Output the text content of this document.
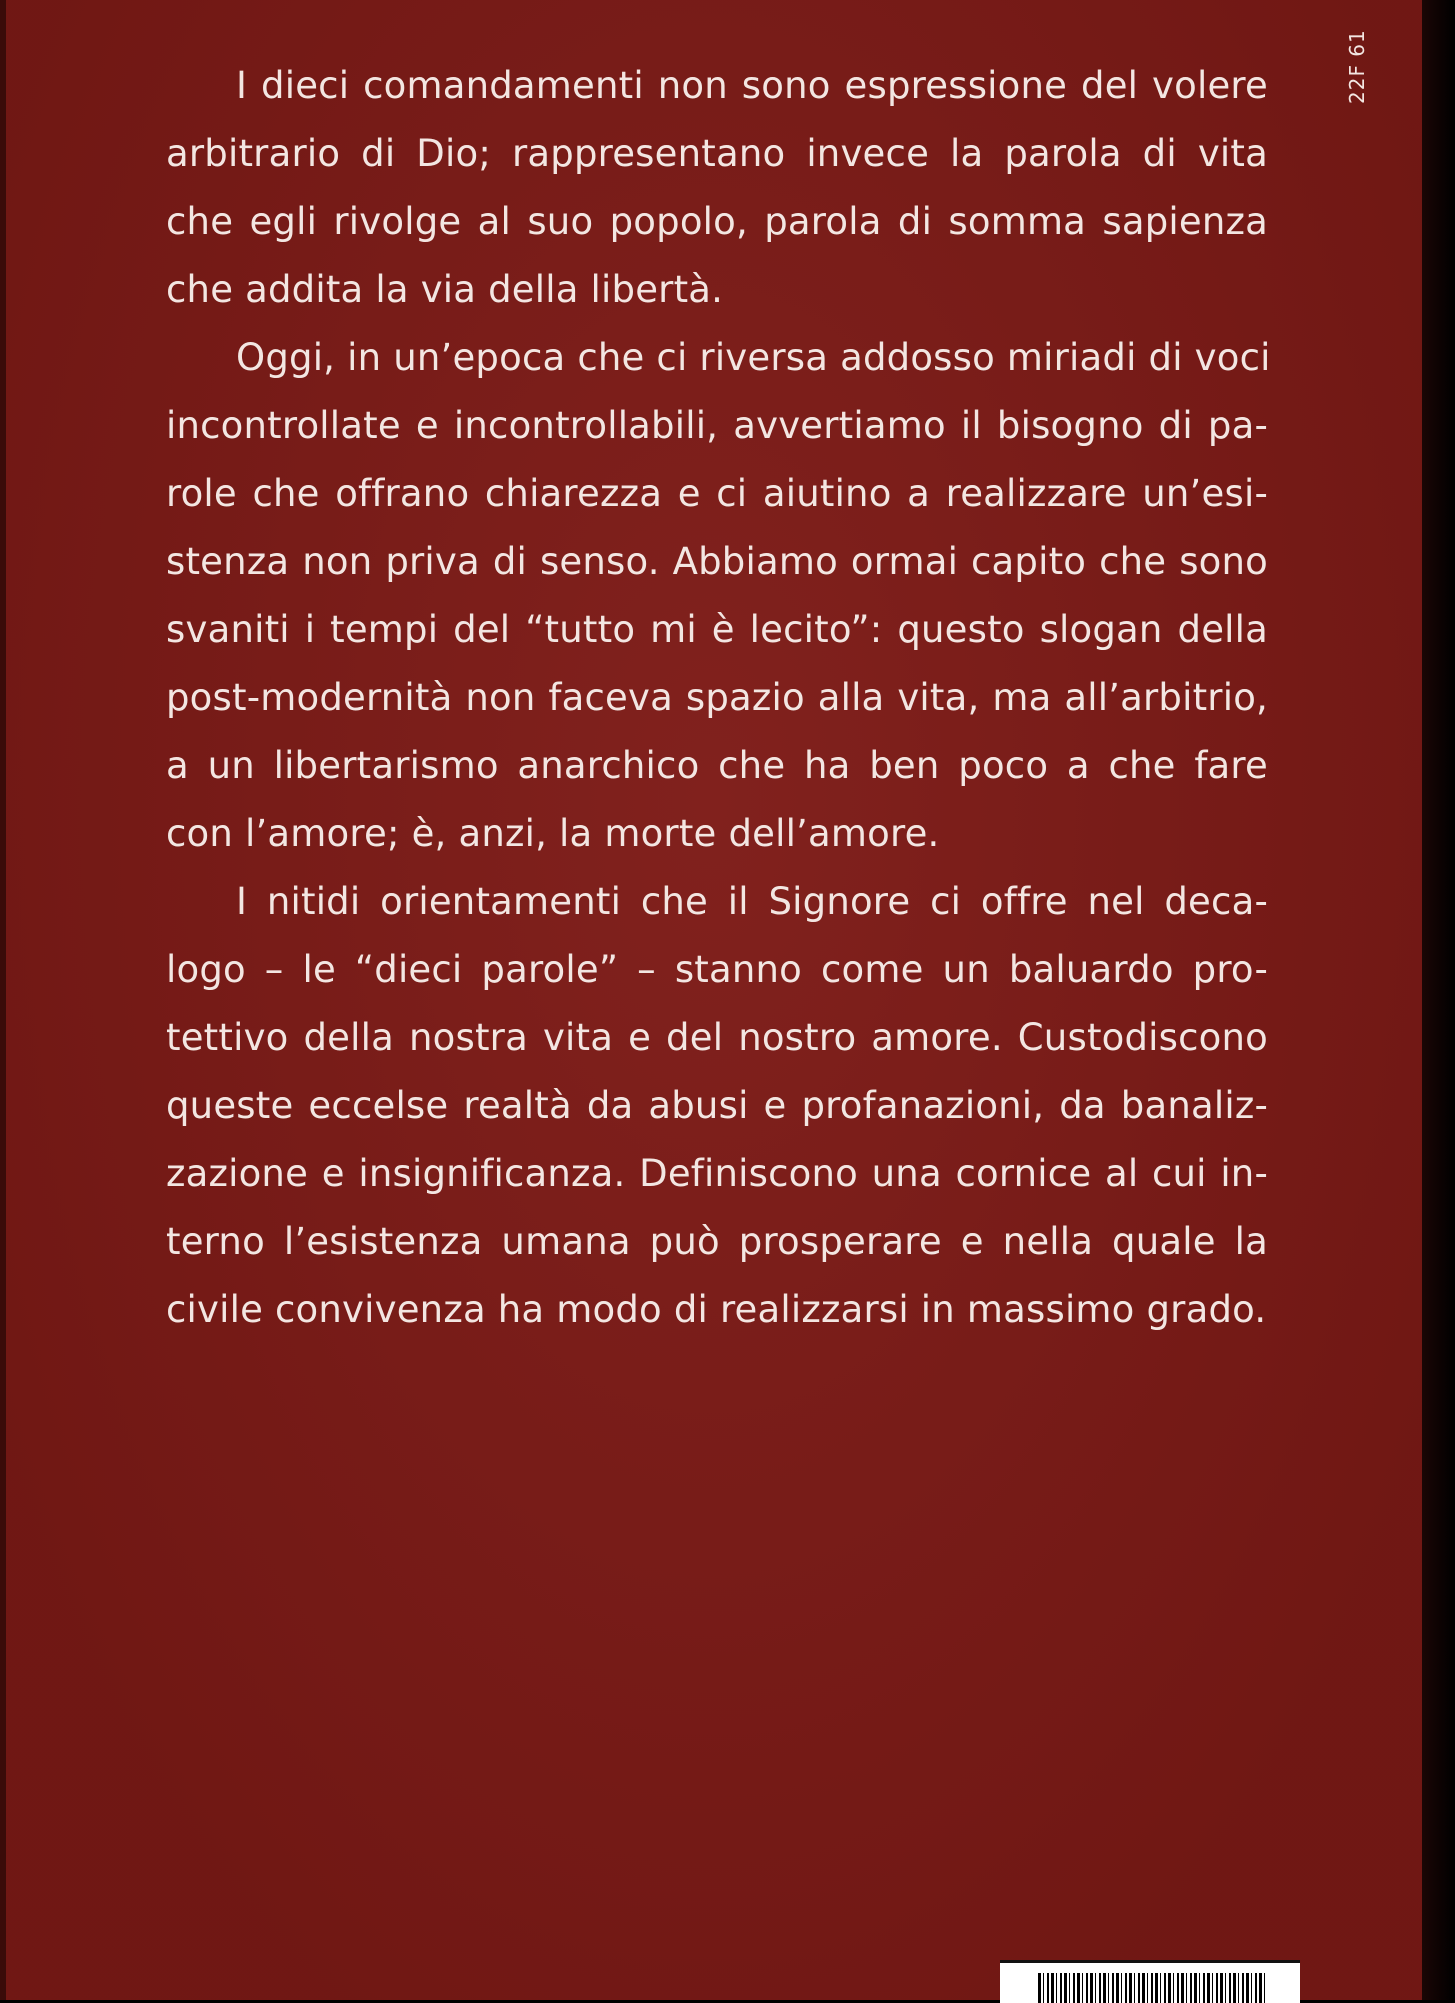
22F 61

I dieci comandamenti non sono espressione del volere
arbitrario di Dio; rappresentano invece la parola di vita
che egli rivolge al suo popolo, parola di somma sapienza
che addita la via della libertà.

Oggi, in un’epoca che ci riversa addosso miriadi di voci
incontrollate e incontrollabili, avvertiamo il bisogno di pa-
role che offrano chiarezza e ci aiutino a realizzare un’esi-
stenza non priva di senso. Abbiamo ormai capito che sono
svaniti i tempi del “tutto mi è lecito”: questo slogan della
post-modernità non faceva spazio alla vita, ma all’arbitrio,
a un libertarismo anarchico che ha ben poco a che fare
con l’amore; è, anzi, la morte dell’amore.

I nitidi orientamenti che il Signore ci offre nel deca-
logo – le “dieci parole” – stanno come un baluardo pro-
tettivo della nostra vita e del nostro amore. Custodiscono
queste eccelse realtà da abusi e profanazioni, da banaliz-
zazione e insignificanza. Definiscono una cornice al cui in-
terno l’esistenza umana può prosperare e nella quale la
civile convivenza ha modo di realizzarsi in massimo grado.
